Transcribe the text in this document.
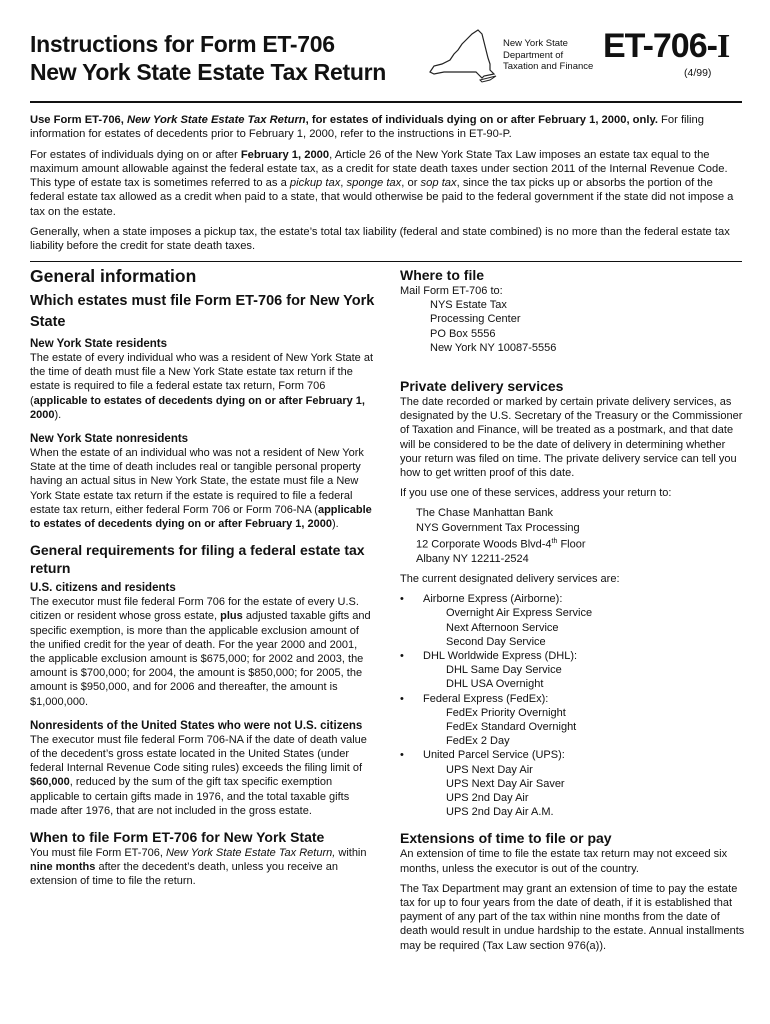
Instructions for Form ET-706
New York State Estate Tax Return
New York State
Department of
Taxation and Finance
ET-706-I
(4/99)

Use Form ET-706, New York State Estate Tax Return, for estates of individuals dying on or after February 1, 2000, only. For filing information for estates of decedents prior to February 1, 2000, refer to the instructions in ET-90-P.

For estates of individuals dying on or after February 1, 2000, Article 26 of the New York State Tax Law imposes an estate tax equal to the maximum amount allowable against the federal estate tax, as a credit for state death taxes under section 2011 of the Internal Revenue Code. This type of estate tax is sometimes referred to as a pickup tax, sponge tax, or sop tax, since the tax picks up or absorbs the portion of the federal estate tax allowed as a credit when paid to a state, that would otherwise be paid to the federal government if the state did not impose a tax on the estate.

Generally, when a state imposes a pickup tax, the estate’s total tax liability (federal and state combined) is no more than the federal estate tax liability before the credit for state death taxes.

General information
Which estates must file Form ET-706 for New York State
New York State residents
The estate of every individual who was a resident of New York State at the time of death must file a New York State estate tax return if the estate is required to file a federal estate tax return, Form 706 (applicable to estates of decedents dying on or after February 1, 2000).
New York State nonresidents
When the estate of an individual who was not a resident of New York State at the time of death includes real or tangible personal property having an actual situs in New York State, the estate must file a New York State estate tax return if the estate is required to file a federal estate tax return, either federal Form 706 or Form 706-NA (applicable to estates of decedents dying on or after February 1, 2000).
General requirements for filing a federal estate tax return
U.S. citizens and residents
The executor must file federal Form 706 for the estate of every U.S. citizen or resident whose gross estate, plus adjusted taxable gifts and specific exemption, is more than the applicable exclusion amount of the unified credit for the year of death. For the year 2000 and 2001, the applicable exclusion amount is $675,000; for 2002 and 2003, the amount is $700,000; for 2004, the amount is $850,000; for 2005, the amount is $950,000, and for 2006 and thereafter, the amount is $1,000,000.
Nonresidents of the United States who were not U.S. citizens
The executor must file federal Form 706-NA if the date of death value of the decedent’s gross estate located in the United States (under federal Internal Revenue Code siting rules) exceeds the filing limit of $60,000, reduced by the sum of the gift tax specific exemption applicable to certain gifts made in 1976, and the total taxable gifts made after 1976, that are not included in the gross estate.
When to file Form ET-706 for New York State
You must file Form ET-706, New York State Estate Tax Return, within nine months after the decedent’s death, unless you receive an extension of time to file the return.
Where to file
Mail Form ET-706 to:
NYS Estate Tax
Processing Center
PO Box 5556
New York NY 10087-5556
Private delivery services
The date recorded or marked by certain private delivery services, as designated by the U.S. Secretary of the Treasury or the Commissioner of Taxation and Finance, will be treated as a postmark, and that date will be considered to be the date of delivery in determining whether your return was filed on time. The private delivery service can tell you how to get written proof of this date.
If you use one of these services, address your return to:
The Chase Manhattan Bank
NYS Government Tax Processing
12 Corporate Woods Blvd-4th Floor
Albany NY 12211-2524
The current designated delivery services are:
• Airborne Express (Airborne):
Overnight Air Express Service
Next Afternoon Service
Second Day Service
• DHL Worldwide Express (DHL):
DHL Same Day Service
DHL USA Overnight
• Federal Express (FedEx):
FedEx Priority Overnight
FedEx Standard Overnight
FedEx 2 Day
• United Parcel Service (UPS):
UPS Next Day Air
UPS Next Day Air Saver
UPS 2nd Day Air
UPS 2nd Day Air A.M.
Extensions of time to file or pay
An extension of time to file the estate tax return may not exceed six months, unless the executor is out of the country.
The Tax Department may grant an extension of time to pay the estate tax for up to four years from the date of death, if it is established that payment of any part of the tax within nine months from the date of death would result in undue hardship to the estate. Annual installments may be required (Tax Law section 976(a)).
